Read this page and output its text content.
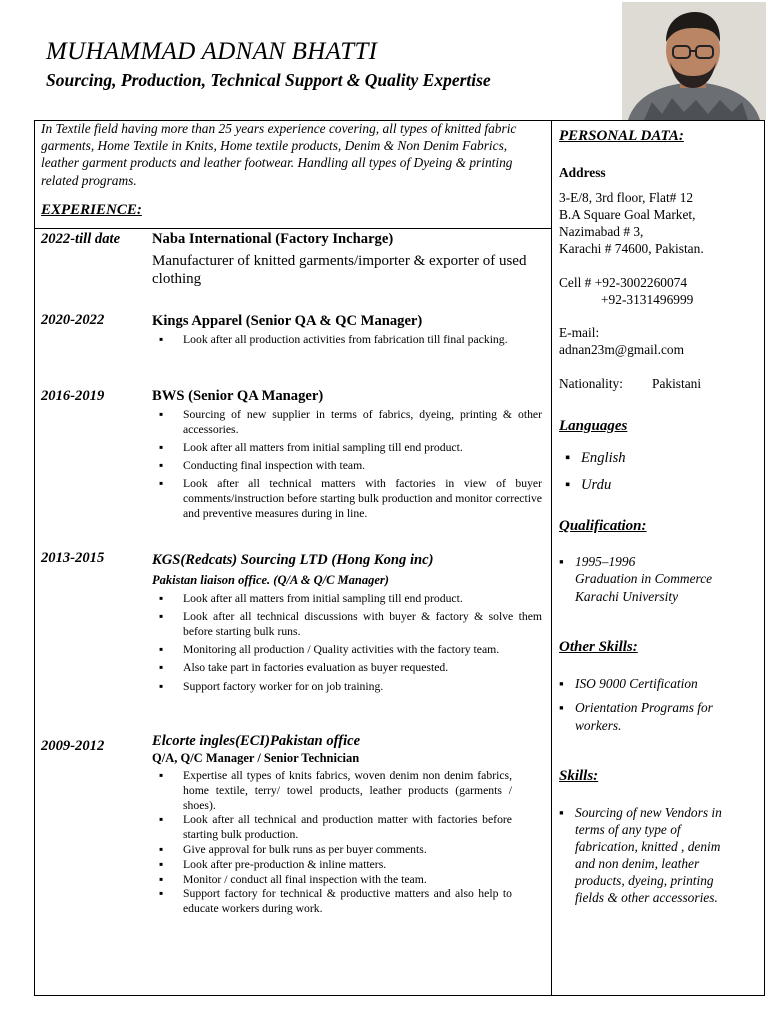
MUHAMMAD ADNAN BHATTI
Sourcing, Production, Technical Support & Quality Expertise
In Textile field having more than 25 years experience covering, all types of knitted fabric garments, Home Textile in Knits, Home textile products, Denim & Non Denim Fabrics, leather garment products and leather footwear. Handling all types of Dyeing & printing related programs.
EXPERIENCE:
2022-till date Naba International (Factory Incharge)
Manufacturer of knitted garments/importer & exporter of used clothing
2020-2022	Kings Apparel (Senior QA & QC Manager)
▪ Look after all production activities from fabrication till final packing.
2016-2019	BWS (Senior QA Manager)
▪ Sourcing of new supplier in terms of fabrics, dyeing, printing & other accessories.
▪ Look after all matters from initial sampling till end product.
▪ Conducting final inspection with team.
▪ Look after all technical matters with factories in view of buyer comments/instruction before starting bulk production and monitor corrective and preventive measures during in line.
2013-2015	KGS(Redcats) Sourcing LTD (Hong Kong inc)
Pakistan liaison office. (Q/A & Q/C Manager)
▪ Look after all matters from initial sampling till end product.
▪ Look after all technical discussions with buyer & factory & solve them before starting bulk runs.
▪ Monitoring all production / Quality activities with the factory team.
▪ Also take part in factories evaluation as buyer requested.
▪ Support factory worker for on job training.
2009-2012	Elcorte ingles(ECI)Pakistan office
Q/A, Q/C Manager / Senior Technician
▪ Expertise all types of knits fabrics, woven denim non denim fabrics, home textile, terry/ towel products, leather products (garments / shoes).
▪ Look after all technical and production matter with factories before starting bulk production.
▪ Give approval for bulk runs as per buyer comments.
▪ Look after pre-production & inline matters.
▪ Monitor / conduct all final inspection with the team.
▪ Support factory for technical & productive matters and also help to educate workers during work.
PERSONAL DATA:
Address
3-E/8, 3rd floor, Flat# 12
B.A Square Goal Market,
Nazimabad # 3,
Karachi # 74600, Pakistan.
Cell # +92-3002260074
+92-3131496999
E-mail:
adnan23m@gmail.com
Nationality: Pakistani
Languages
▪ English
▪ Urdu
Qualification:
▪ 1995–1996
Graduation in Commerce
Karachi University
Other Skills:
▪ ISO 9000 Certification
▪ Orientation Programs for workers.
Skills:
▪ Sourcing of new Vendors in terms of any type of fabrication, knitted , denim and non denim, leather products, dyeing, printing fields & other accessories.
